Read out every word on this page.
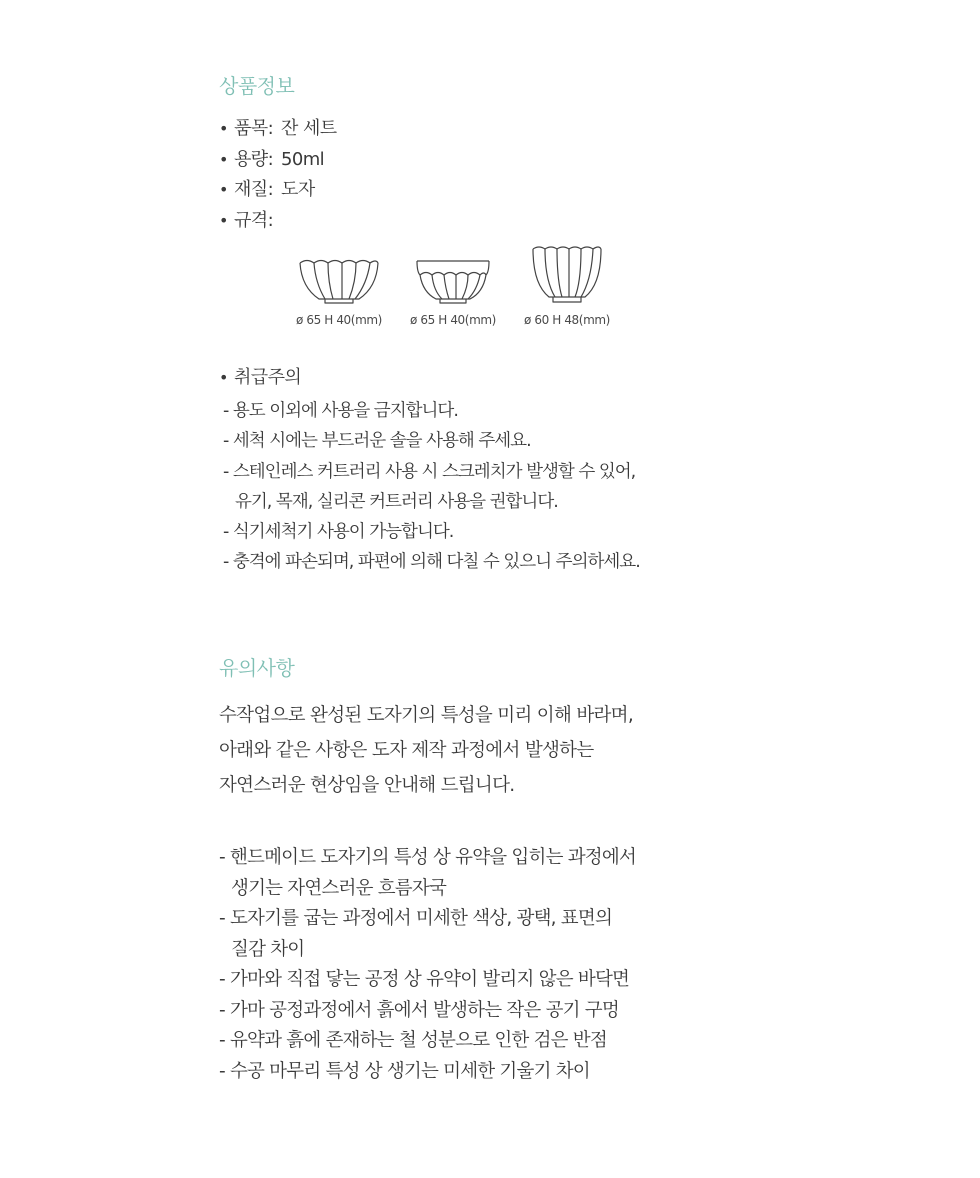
상품정보
• 품목: 잔 세트
• 용량: 50ml
• 재질: 도자
• 규격:
ø 65 H 40(mm)	ø 65 H 40(mm)	ø 60 H 48(mm)
• 취급주의
- 용도 이외에 사용을 금지합니다.
- 세척 시에는 부드러운 솔을 사용해 주세요.
- 스테인레스 커트러리 사용 시 스크레치가 발생할 수 있어,
유기, 목재, 실리콘 커트러리 사용을 권합니다.
- 식기세척기 사용이 가능합니다.
- 충격에 파손되며, 파편에 의해 다칠 수 있으니 주의하세요.
유의사항

수작업으로 완성된 도자기의 특성을 미리 이해 바라며,
아래와 같은 사항은 도자 제작 과정에서 발생하는
자연스러운 현상임을 안내해 드립니다.

- 핸드메이드 도자기의 특성 상 유약을 입히는 과정에서
생기는 자연스러운 흐름자국
- 도자기를 굽는 과정에서 미세한 색상, 광택, 표면의
질감 차이
- 가마와 직접 닿는 공정 상 유약이 발리지 않은 바닥면
- 가마 공정과정에서 흙에서 발생하는 작은 공기 구멍
- 유약과 흙에 존재하는 철 성분으로 인한 검은 반점
- 수공 마무리 특성 상 생기는 미세한 기울기 차이
